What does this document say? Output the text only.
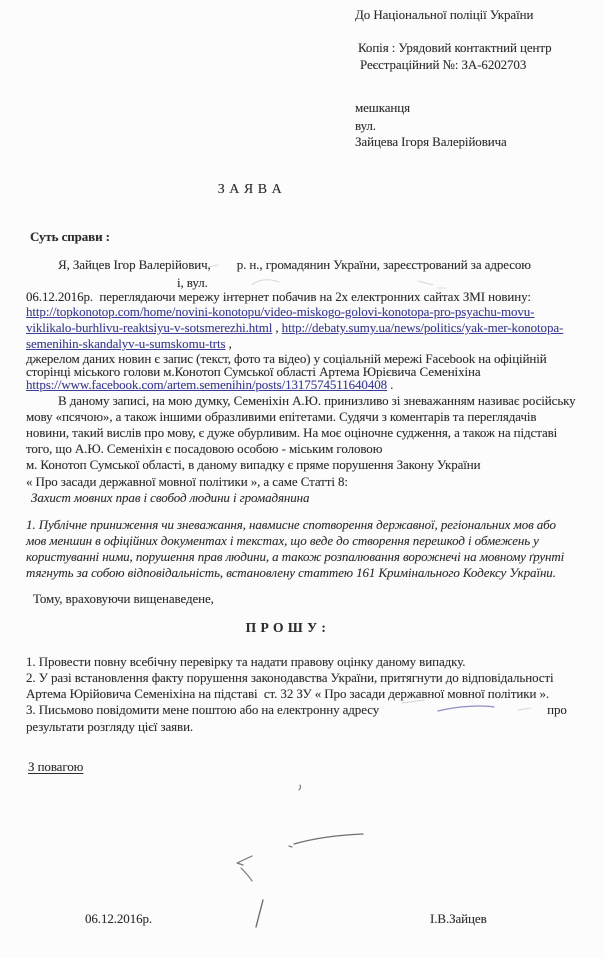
До Національної поліції України
Копія : Урядовий контактний центр
Реєстраційний №: ЗА-6202703
мешканця
вул.
Зайцева Ігоря Валерійовича
З А Я В А
Суть справи :
Я, Зайцев Ігор Валерійович, р. н., громадянин України, зареєстрований за адресою
і, вул.
06.12.2016р.  переглядаючи мережу інтернет побачив на 2х електронних сайтах ЗМІ новину:
http://topkonotop.com/home/novini-konotopu/video-miskogo-golovi-konotopa-pro-psyachu-movu-
viklikalo-burhlivu-reaktsiyu-v-sotsmerezhi.html , http://debaty.sumy.ua/news/politics/yak-mer-konotopa-
semenihin-skandalyv-u-sumskomu-trts ,
джерелом даних новин є запис (текст, фото та відео) у соціальній мережі Facebook на офіційній
сторінці міського голови м.Конотоп Сумської області Артема Юрієвича Семеніхіна
https://www.facebook.com/artem.semenihin/posts/1317574511640408 .
В даному записі, на мою думку, Семеніхін А.Ю. принизливо зі зневажанням називає російську
мову «псячою», а також іншими образливими епітетами. Судячи з коментарів та переглядачів
новини, такий вислів про мову, є дуже обурливим. На моє оціночне судження, а також на підставі
того, що А.Ю. Семеніхін є посадовою особою - міським головою
м. Конотоп Сумської області, в даному випадку є пряме порушення Закону України
« Про засади державної мовної політики », а саме Статті 8:
Захист мовних прав і свобод людини і громадянина
1. Публічне приниження чи зневажання, навмисне спотворення державної, регіональних мов або
мов меншин в офіційних документах і текстах, що веде до створення перешкод і обмежень у
користуванні ними, порушення прав людини, а також розпалювання ворожнечі на мовному ґрунті
тягнуть за собою відповідальність, встановлену статтею 161 Кримінального Кодексу України.
Тому, враховуючи вищенаведене,
П Р О Ш У :
1. Провести повну всебічну перевірку та надати правову оцінку даному випадку.
2. У разі встановлення факту порушення законодавства України, притягнути до відповідальності
Артема Юрійовича Семеніхіна на підставі  ст. 32 ЗУ « Про засади державної мовної політики ».
3. Письмово повідомити мене поштою або на електронну адресу	про
результати розгляду цієї заяви.
З повагою
06.12.2016р.	І.В.Зайцев
